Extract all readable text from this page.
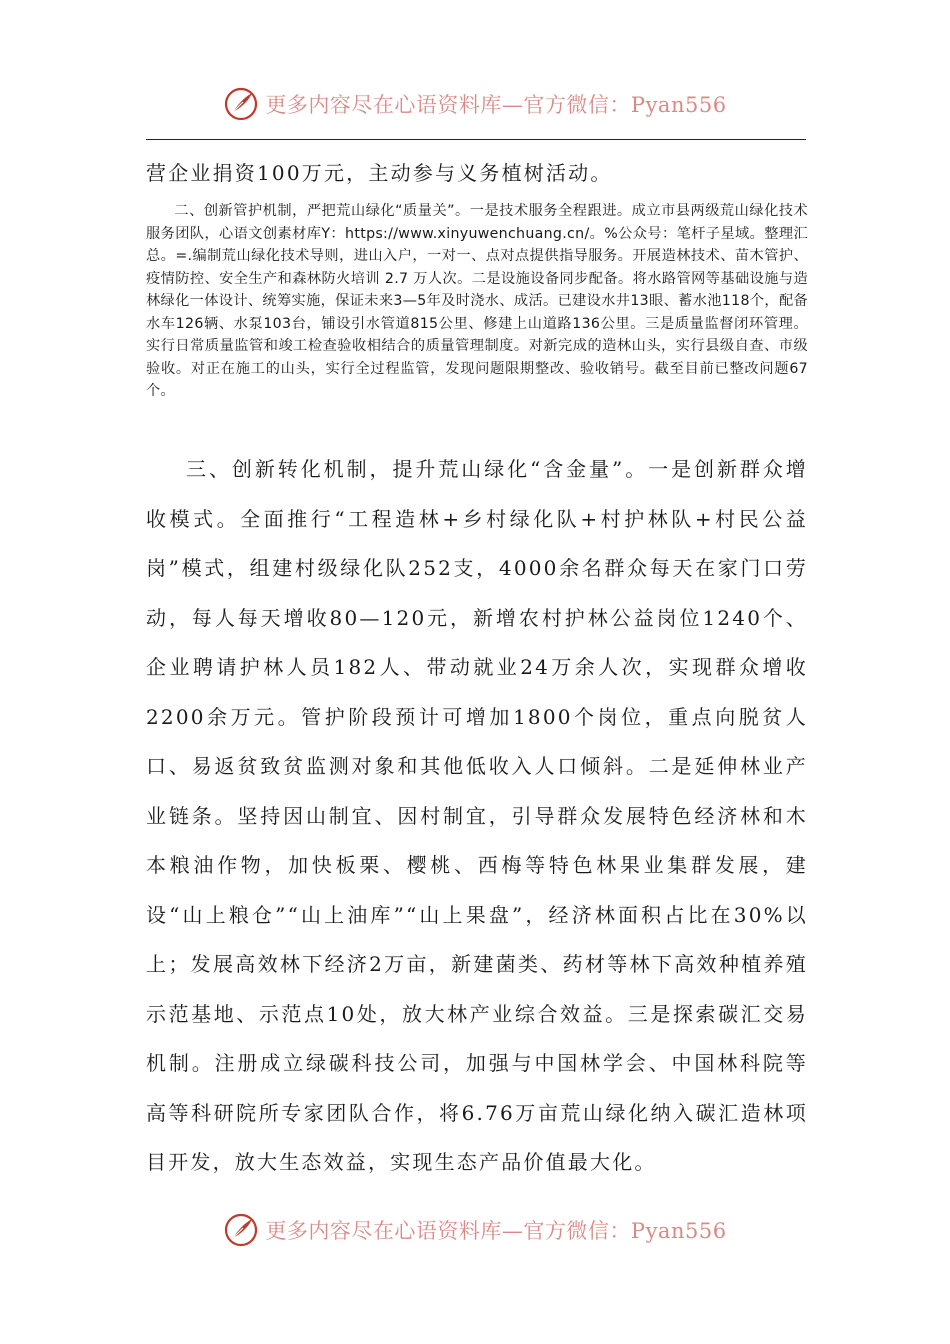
更多内容尽在心语资料库—官方微信：Pyan556

营企业捐资100万元，主动参与义务植树活动。

二、创新管护机制，严把荒山绿化“质量关”。一是技术服务全程跟进。成立市县两级荒山绿化技术服务团队，心语文创素材库Y：https://www.xinyuwenchuang.cn/。%公众号：笔杆子星域。整理汇总。=.编制荒山绿化技术导则，进山入户，一对一、点对点提供指导服务。开展造林技术、苗木管护、疫情防控、安全生产和森林防火培训 2.7 万人次。二是设施设备同步配备。将水路管网等基础设施与造林绿化一体设计、统筹实施，保证未来3—5年及时浇水、成活。已建设水井13眼、蓄水池118个，配备水车126辆、水泵103台，铺设引水管道815公里、修建上山道路136公里。三是质量监督闭环管理。实行日常质量监管和竣工检查验收相结合的质量管理制度。对新完成的造林山头，实行县级自查、市级验收。对正在施工的山头，实行全过程监管，发现问题限期整改、验收销号。截至目前已整改问题67个。

三、创新转化机制，提升荒山绿化“含金量”。一是创新群众增收模式。全面推行“工程造林+乡村绿化队+村护林队+村民公益岗”模式，组建村级绿化队252支，4000余名群众每天在家门口劳动，每人每天增收80—120元，新增农村护林公益岗位1240个、企业聘请护林人员182人、带动就业24万余人次，实现群众增收2200余万元。管护阶段预计可增加1800个岗位，重点向脱贫人口、易返贫致贫监测对象和其他低收入人口倾斜。二是延伸林业产业链条。坚持因山制宜、因村制宜，引导群众发展特色经济林和木本粮油作物，加快板栗、樱桃、西梅等特色林果业集群发展，建设“山上粮仓”“山上油库”“山上果盘”，经济林面积占比在30%以上；发展高效林下经济2万亩，新建菌类、药材等林下高效种植养殖示范基地、示范点10处，放大林产业综合效益。三是探索碳汇交易机制。注册成立绿碳科技公司，加强与中国林学会、中国林科院等高等科研院所专家团队合作，将6.76万亩荒山绿化纳入碳汇造林项目开发，放大生态效益，实现生态产品价值最大化。

更多内容尽在心语资料库—官方微信：Pyan556
